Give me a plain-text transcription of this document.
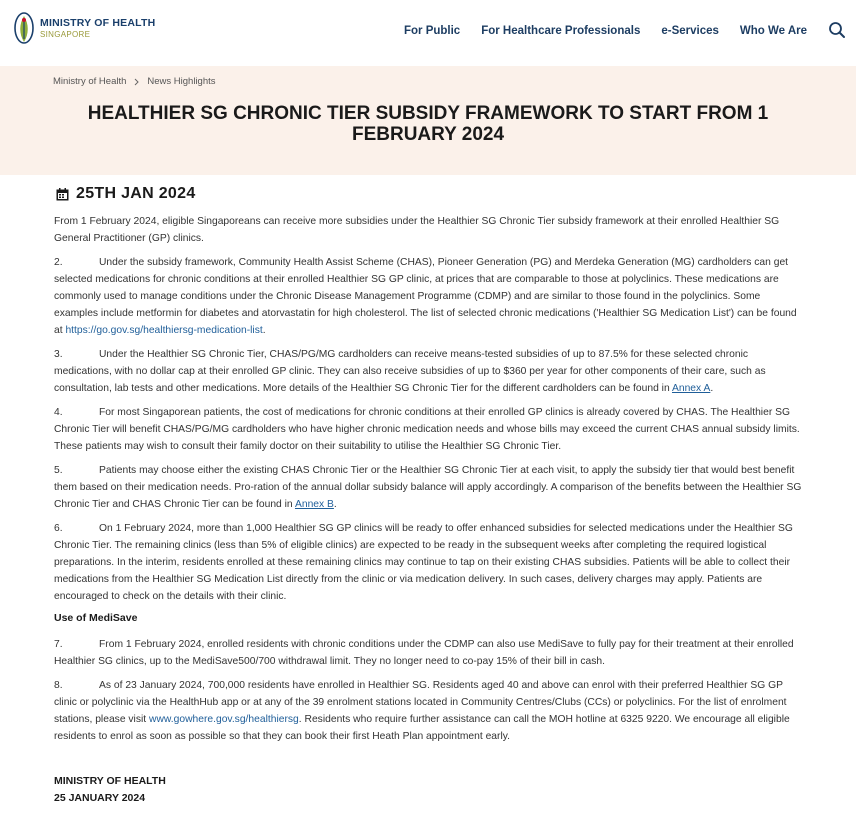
MINISTRY OF HEALTH
SINGAPORE	For Public For Healthcare Professionals e-Services Who We Are
Ministry of Health News Highlights
HEALTHIER SG CHRONIC TIER SUBSIDY FRAMEWORK TO START FROM 1 FEBRUARY 2024
25TH JAN 2024

From 1 February 2024, eligible Singaporeans can receive more subsidies under the Healthier SG Chronic Tier subsidy framework at their enrolled Healthier SG General Practitioner (GP) clinics.

2.	Under the subsidy framework, Community Health Assist Scheme (CHAS), Pioneer Generation (PG) and Merdeka Generation (MG) cardholders can get selected medications for chronic conditions at their enrolled Healthier SG GP clinic, at prices that are comparable to those at polyclinics. These medications are commonly used to manage conditions under the Chronic Disease Management Programme (CDMP) and are similar to those found in the polyclinics. Some examples include metformin for diabetes and atorvastatin for high cholesterol. The list of selected chronic medications ('Healthier SG Medication List') can be found at https://go.gov.sg/healthiersg-medication-list.

3.	Under the Healthier SG Chronic Tier, CHAS/PG/MG cardholders can receive means-tested subsidies of up to 87.5% for these selected chronic medications, with no dollar cap at their enrolled GP clinic. They can also receive subsidies of up to $360 per year for other components of their care, such as consultation, lab tests and other medications. More details of the Healthier SG Chronic Tier for the different cardholders can be found in Annex A.

4.	For most Singaporean patients, the cost of medications for chronic conditions at their enrolled GP clinics is already covered by CHAS. The Healthier SG Chronic Tier will benefit CHAS/PG/MG cardholders who have higher chronic medication needs and whose bills may exceed the current CHAS annual subsidy limits. These patients may wish to consult their family doctor on their suitability to utilise the Healthier SG Chronic Tier.

5.	Patients may choose either the existing CHAS Chronic Tier or the Healthier SG Chronic Tier at each visit, to apply the subsidy tier that would best benefit them based on their medication needs. Pro-ration of the annual dollar subsidy balance will apply accordingly. A comparison of the benefits between the Healthier SG Chronic Tier and CHAS Chronic Tier can be found in Annex B.

6.	On 1 February 2024, more than 1,000 Healthier SG GP clinics will be ready to offer enhanced subsidies for selected medications under the Healthier SG Chronic Tier. The remaining clinics (less than 5% of eligible clinics) are expected to be ready in the subsequent weeks after completing the required logistical preparations. In the interim, residents enrolled at these remaining clinics may continue to tap on their existing CHAS subsidies. Patients will be able to collect their medications from the Healthier SG Medication List directly from the clinic or via medication delivery. In such cases, delivery charges may apply. Patients are encouraged to check on the details with their clinic.

Use of MediSave

7.	From 1 February 2024, enrolled residents with chronic conditions under the CDMP can also use MediSave to fully pay for their treatment at their enrolled Healthier SG clinics, up to the MediSave500/700 withdrawal limit. They no longer need to co-pay 15% of their bill in cash.

8.	As of 23 January 2024, 700,000 residents have enrolled in Healthier SG. Residents aged 40 and above can enrol with their preferred Healthier SG GP clinic or polyclinic via the HealthHub app or at any of the 39 enrolment stations located in Community Centres/Clubs (CCs) or polyclinics. For the list of enrolment stations, please visit www.gowhere.gov.sg/healthiersg. Residents who require further assistance can call the MOH hotline at 6325 9220. We encourage all eligible residents to enrol as soon as possible so that they can book their first Heath Plan appointment early.

MINISTRY OF HEALTH
25 JANUARY 2024
